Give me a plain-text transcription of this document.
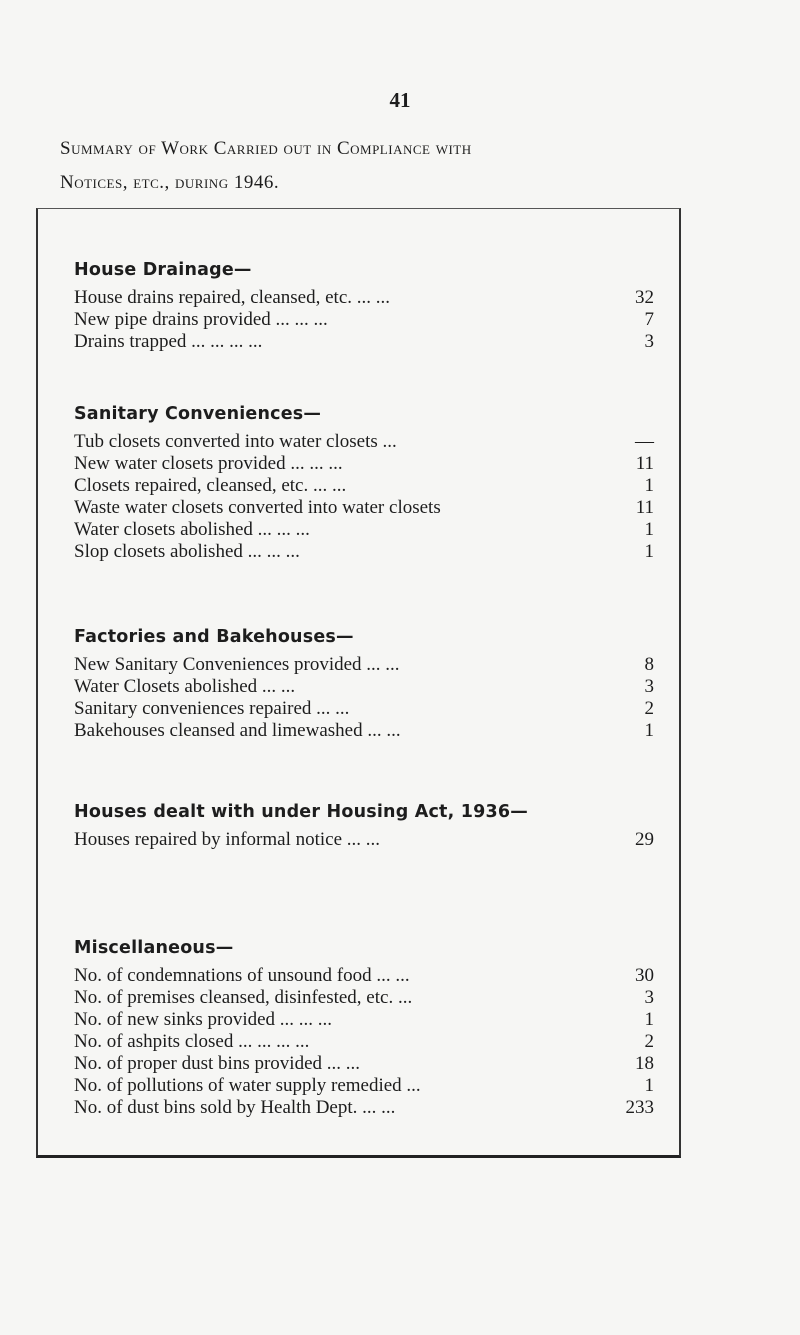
41
Summary of Work Carried out in Compliance with
Notices, etc., during 1946.
House Drainage—
House drains repaired, cleansed, etc. ... ...	32
New pipe drains provided ... ... ...	7
Drains trapped ... ... ... ...	3
Sanitary Conveniences—
Tub closets converted into water closets ...	—
New water closets provided ... ... ...	11
Closets repaired, cleansed, etc. ... ...	1
Waste water closets converted into water closets	11
Water closets abolished ... ... ...	1
Slop closets abolished ... ... ...	1
Factories and Bakehouses—
New Sanitary Conveniences provided ... ...	8
Water Closets abolished ... ...	3
Sanitary conveniences repaired ... ...	2
Bakehouses cleansed and limewashed ... ...	1
Houses dealt with under Housing Act, 1936—
Houses repaired by informal notice ... ...	29
Miscellaneous—
No. of condemnations of unsound food ... ...	30
No. of premises cleansed, disinfested, etc. ...	3
No. of new sinks provided ... ... ...	1
No. of ashpits closed ... ... ... ...	2
No. of proper dust bins provided ... ...	18
No. of pollutions of water supply remedied ...	1
No. of dust bins sold by Health Dept. ... ...	233
